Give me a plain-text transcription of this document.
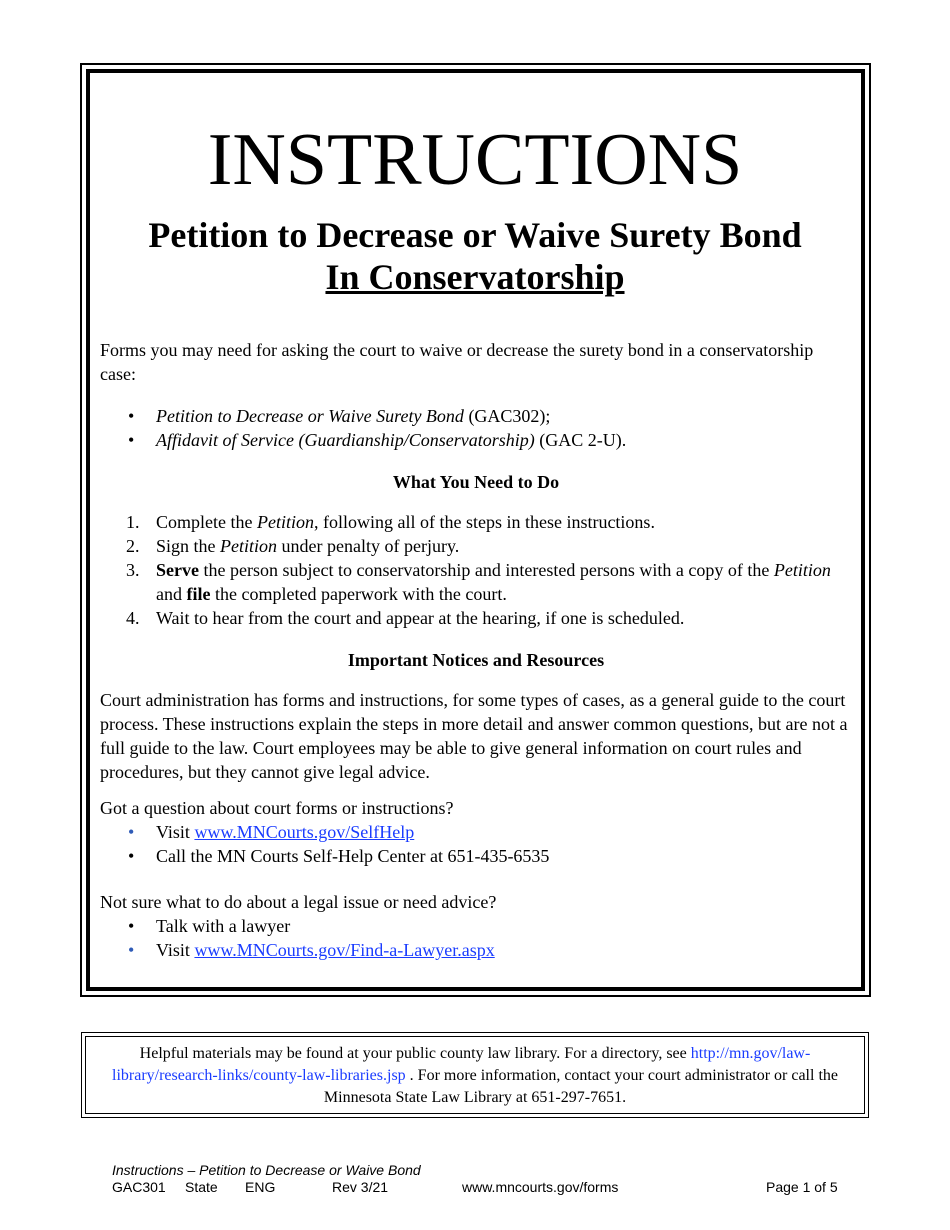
INSTRUCTIONS
Petition to Decrease or Waive Surety Bond
In Conservatorship

Forms you may need for asking the court to waive or decrease the surety bond in a conservatorship case:

• Petition to Decrease or Waive Surety Bond (GAC302);
• Affidavit of Service (Guardianship/Conservatorship) (GAC 2-U).

What You Need to Do

1. Complete the Petition, following all of the steps in these instructions.
2. Sign the Petition under penalty of perjury.
3. Serve the person subject to conservatorship and interested persons with a copy of the Petition and file the completed paperwork with the court.
4. Wait to hear from the court and appear at the hearing, if one is scheduled.

Important Notices and Resources

Court administration has forms and instructions, for some types of cases, as a general guide to the court process. These instructions explain the steps in more detail and answer common questions, but are not a full guide to the law. Court employees may be able to give general information on court rules and procedures, but they cannot give legal advice.

Got a question about court forms or instructions?

• Visit www.MNCourts.gov/SelfHelp
• Call the MN Courts Self-Help Center at 651-435-6535

Not sure what to do about a legal issue or need advice?

• Talk with a lawyer
• Visit www.MNCourts.gov/Find-a-Lawyer.aspx
Helpful materials may be found at your public county law library. For a directory, see http://mn.gov/law-library/research-links/county-law-libraries.jsp . For more information, contact your court administrator or call the Minnesota State Law Library at 651-297-7651.
Instructions – Petition to Decrease or Waive Bond
GAC301 State ENG	Rev 3/21	www.mncourts.gov/forms	Page 1 of 5
